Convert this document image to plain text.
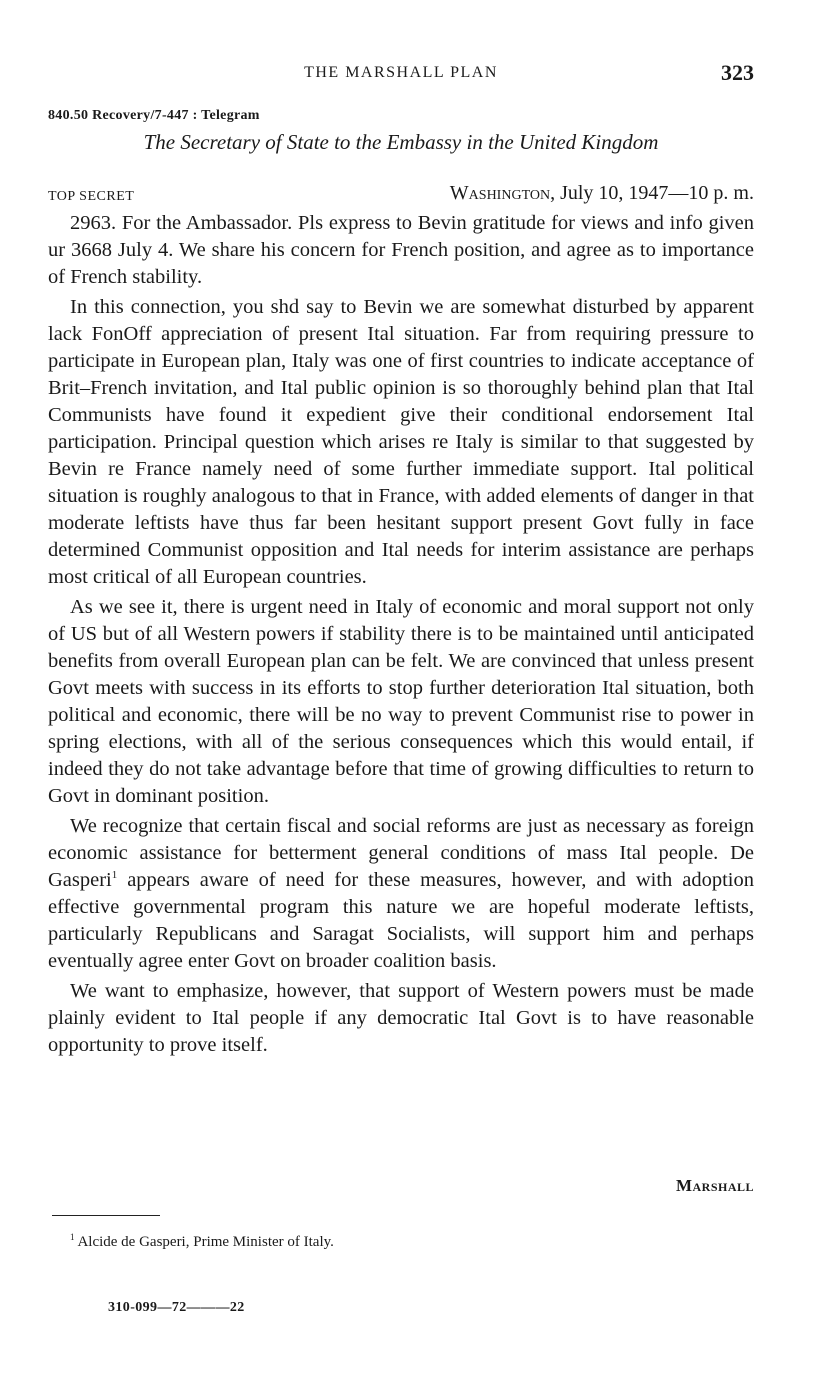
THE MARSHALL PLAN	323
840.50 Recovery/7-447 : Telegram
The Secretary of State to the Embassy in the United Kingdom
TOP SECRET	Washington, July 10, 1947—10 p. m.

2963. For the Ambassador. Pls express to Bevin gratitude for views and info given ur 3668 July 4. We share his concern for French position, and agree as to importance of French stability.

In this connection, you shd say to Bevin we are somewhat disturbed by apparent lack FonOff appreciation of present Ital situation. Far from requiring pressure to participate in European plan, Italy was one of first countries to indicate acceptance of Brit–French invitation, and Ital public opinion is so thoroughly behind plan that Ital Communists have found it expedient give their conditional endorsement Ital participation. Principal question which arises re Italy is similar to that suggested by Bevin re France namely need of some further immediate support. Ital political situation is roughly analogous to that in France, with added elements of danger in that moderate leftists have thus far been hesitant support present Govt fully in face determined Communist opposition and Ital needs for interim assistance are perhaps most critical of all European countries.

As we see it, there is urgent need in Italy of economic and moral support not only of US but of all Western powers if stability there is to be maintained until anticipated benefits from overall European plan can be felt. We are convinced that unless present Govt meets with success in its efforts to stop further deterioration Ital situation, both political and economic, there will be no way to prevent Communist rise to power in spring elections, with all of the serious consequences which this would entail, if indeed they do not take advantage before that time of growing difficulties to return to Govt in dominant position.

We recognize that certain fiscal and social reforms are just as necessary as foreign economic assistance for betterment general conditions of mass Ital people. De Gasperi$^1$ appears aware of need for these measures, however, and with adoption effective governmental program this nature we are hopeful moderate leftists, particularly Republicans and Saragat Socialists, will support him and perhaps eventually agree enter Govt on broader coalition basis.

We want to emphasize, however, that support of Western powers must be made plainly evident to Ital people if any democratic Ital Govt is to have reasonable opportunity to prove itself.

Marshall
$^1$ Alcide de Gasperi, Prime Minister of Italy.
310-099—72———22
